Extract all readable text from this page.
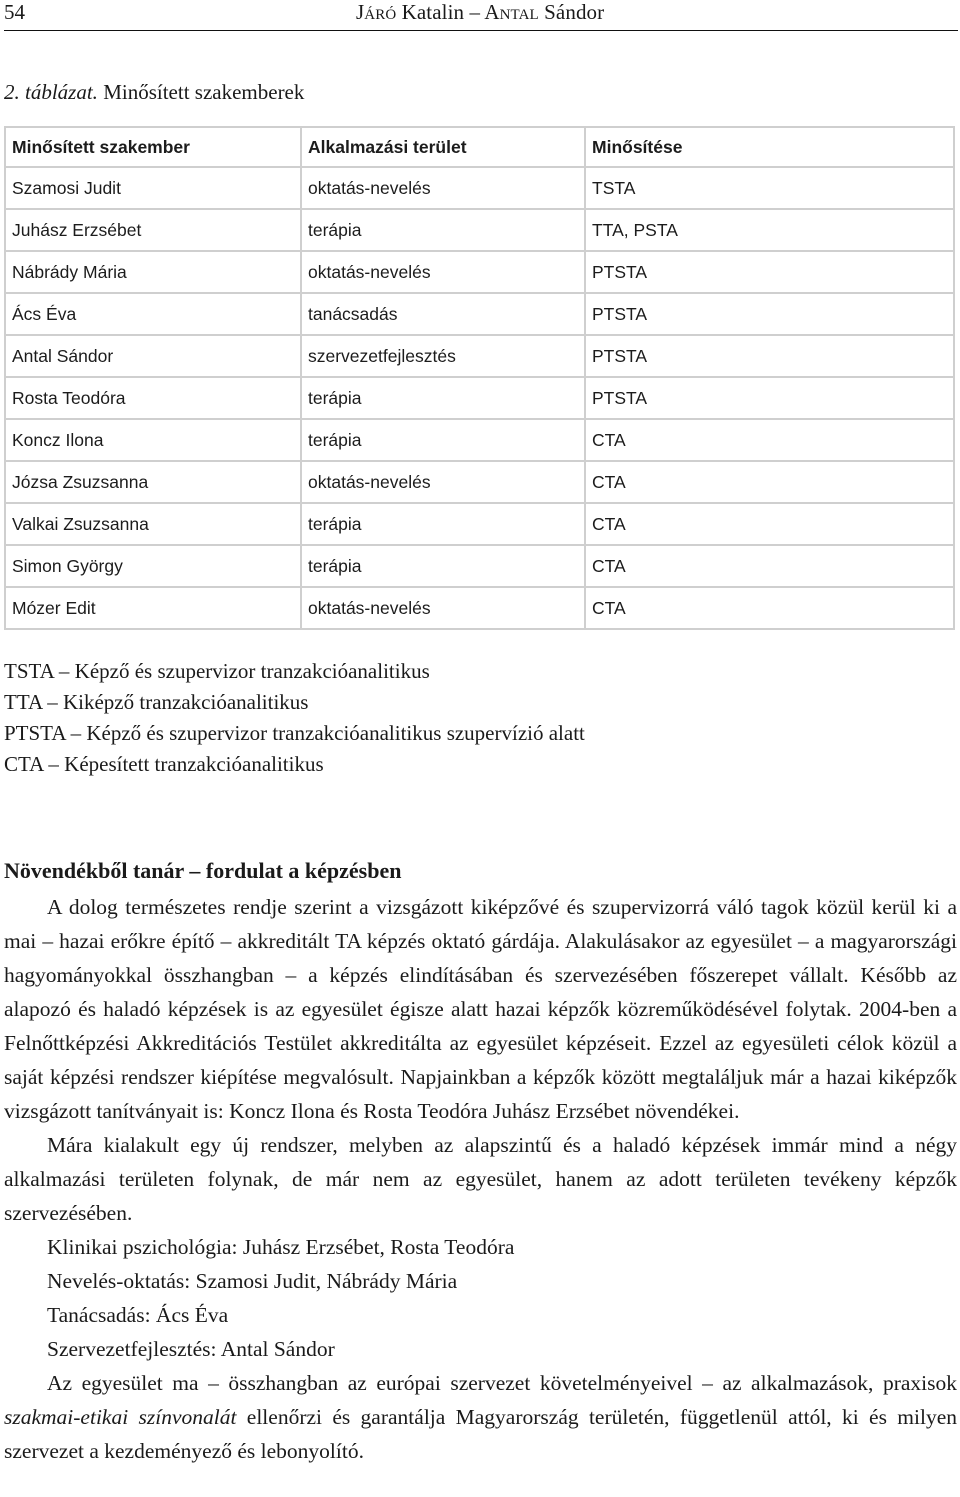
54	JÁRÓ Katalin – ANTAL Sándor
2. táblázat. Minősített szakemberek
Minősített szakember	Alkalmazási terület	Minősítése
Szamosi Judit	oktatás-nevelés	TSTA
Juhász Erzsébet	terápia	TTA, PSTA
Nábrády Mária	oktatás-nevelés	PTSTA
Ács Éva	tanácsadás	PTSTA
Antal Sándor	szervezetfejlesztés	PTSTA
Rosta Teodóra	terápia	PTSTA
Koncz Ilona	terápia	CTA
Józsa Zsuzsanna	oktatás-nevelés	CTA
Valkai Zsuzsanna	terápia	CTA
Simon György	terápia	CTA
Mózer Edit	oktatás-nevelés	CTA
TSTA – Képző és szupervizor tranzakcióanalitikus
TTA – Kiképző tranzakcióanalitikus
PTSTA – Képző és szupervizor tranzakcióanalitikus szupervízió alatt
CTA – Képesített tranzakcióanalitikus
Növendékből tanár – fordulat a képzésben

A dolog természetes rendje szerint a vizsgázott kiképzővé és szupervizorrá váló tagok közül kerül ki a mai – hazai erőkre építő – akkreditált TA képzés oktató gárdája. Alakulásakor az egyesület – a magyarországi hagyományokkal összhangban – a képzés elindításában és szervezésében főszerepet vállalt. Később az alapozó és haladó képzések is az egyesület égisze alatt hazai képzők közreműködésével folytak. 2004-ben a Felnőttképzési Akkreditációs Testület akkreditálta az egyesület képzéseit. Ezzel az egyesületi célok közül a saját képzési rendszer kiépítése megvalósult. Napjainkban a képzők között megtaláljuk már a hazai kiképzők vizsgázott tanítványait is: Koncz Ilona és Rosta Teodóra Juhász Erzsébet növendékei.

Mára kialakult egy új rendszer, melyben az alapszintű és a haladó képzések immár mind a négy alkalmazási területen folynak, de már nem az egyesület, hanem az adott területen tevékeny képzők szervezésében.

Klinikai pszichológia: Juhász Erzsébet, Rosta Teodóra
Nevelés-oktatás: Szamosi Judit, Nábrády Mária
Tanácsadás: Ács Éva
Szervezetfejlesztés: Antal Sándor

Az egyesület ma – összhangban az európai szervezet követelményeivel – az alkalmazások, praxisok szakmai-etikai színvonalát ellenőrzi és garantálja Magyarország területén, függetlenül attól, ki és milyen szervezet a kezdeményező és lebonyolító.
